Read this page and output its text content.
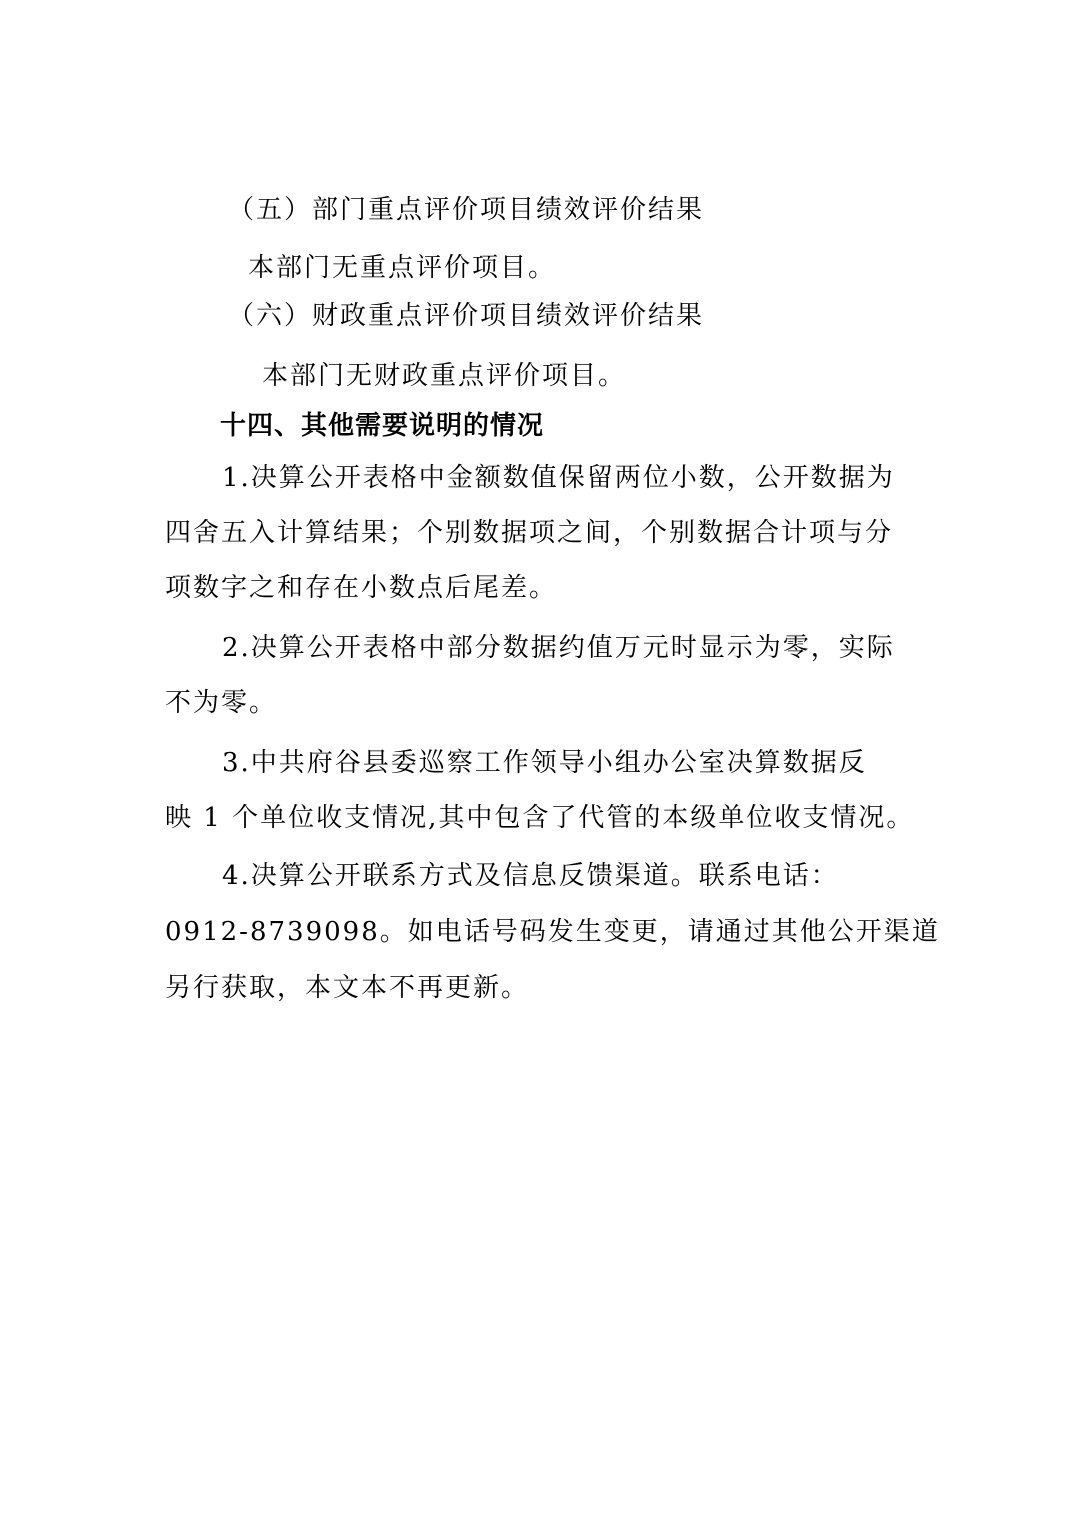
（五）部门重点评价项目绩效评价结果
本部门无重点评价项目。
（六）财政重点评价项目绩效评价结果
本部门无财政重点评价项目。
十四、其他需要说明的情况
1.决算公开表格中金额数值保留两位小数，公开数据为
四舍五入计算结果；个别数据项之间，个别数据合计项与分
项数字之和存在小数点后尾差。
2.决算公开表格中部分数据约值万元时显示为零，实际
不为零。
3.中共府谷县委巡察工作领导小组办公室决算数据反
映 1 个单位收支情况,其中包含了代管的本级单位收支情况。
4.决算公开联系方式及信息反馈渠道。联系电话：
0912-8739098。如电话号码发生变更，请通过其他公开渠道
另行获取，本文本不再更新。
